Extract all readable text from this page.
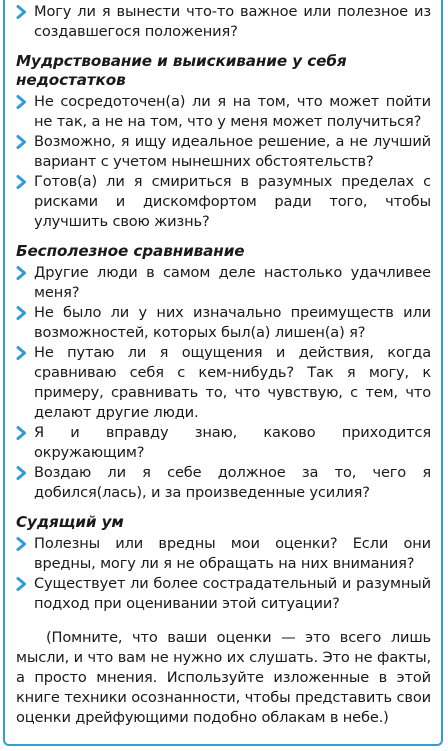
Могу ли я вынести что-то важное или полезное из создавшегося положения?
Мудрствование и выискивание у себя недостатков
Не сосредоточен(а) ли я на том, что может пойти не так, а не на том, что у меня может получиться?
Возможно, я ищу идеальное решение, а не лучший вариант с учетом нынешних обстоятельств?
Готов(а) ли я смириться в разумных пределах с рисками и дискомфортом ради того, чтобы улучшить свою жизнь?
Бесполезное сравнивание
Другие люди в самом деле настолько удачливее меня?
Не было ли у них изначально преимуществ или возможностей, которых был(а) лишен(а) я?
Не путаю ли я ощущения и действия, когда сравниваю себя с кем-нибудь? Так я могу, к примеру, сравнивать то, что чувствую, с тем, что делают другие люди.
Я и вправду знаю, каково приходится окружающим?
Воздаю ли я себе должное за то, чего я добился(лась), и за произведенные усилия?
Судящий ум
Полезны или вредны мои оценки? Если они вредны, могу ли я не обращать на них внимания?
Существует ли более сострадательный и разумный подход при оценивании этой ситуации?

(Помните, что ваши оценки — это всего лишь мысли, и что вам не нужно их слушать. Это не факты, а просто мнения. Используйте изложенные в этой книге техники осознанности, чтобы представить свои оценки дрейфующими подобно облакам в небе.)
